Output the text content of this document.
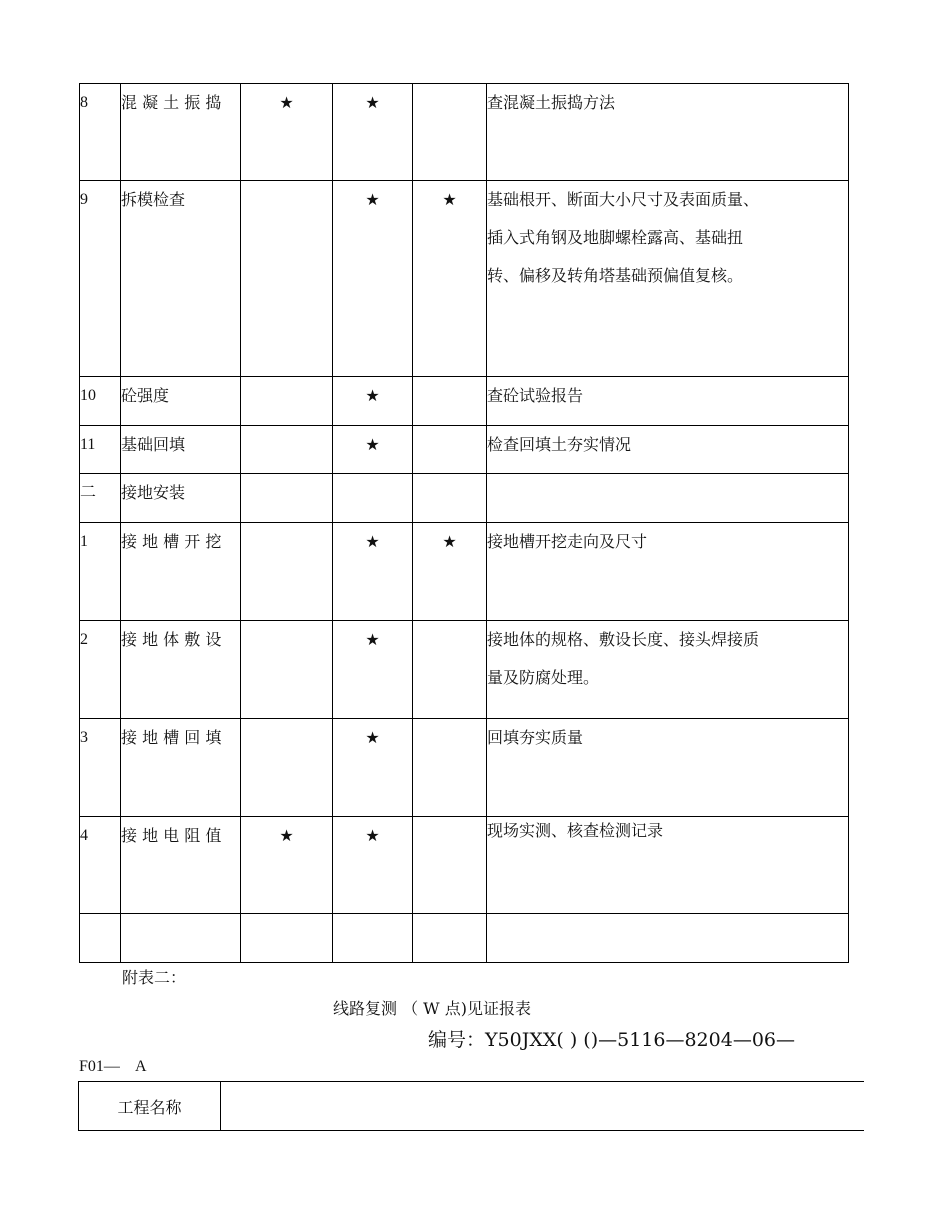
8	混 凝 土 振 捣	★	★		查混凝土振捣方法
9	拆模检查		★	★	基础根开、断面大小尺寸及表面质量、插入式角钢及地脚螺栓露高、基础扭转、偏移及转角塔基础预偏值复核。
10	砼强度		★		查砼试验报告
11	基础回填		★		检查回填土夯实情况
二	接地安装				
1	接 地 槽 开 挖		★	★	接地槽开挖走向及尺寸
2	接 地 体 敷 设		★		接地体的规格、敷设长度、接头焊接质量及防腐处理。
3	接 地 槽 回 填		★		回填夯实质量
4	接 地 电 阻 值	★	★		现场实测、核查检测记录

附表二：
线路复测 （ W 点)见证报表
编号：Y50JXX( ) ()—5116—8204—06—
F01—    A
工程名称	
